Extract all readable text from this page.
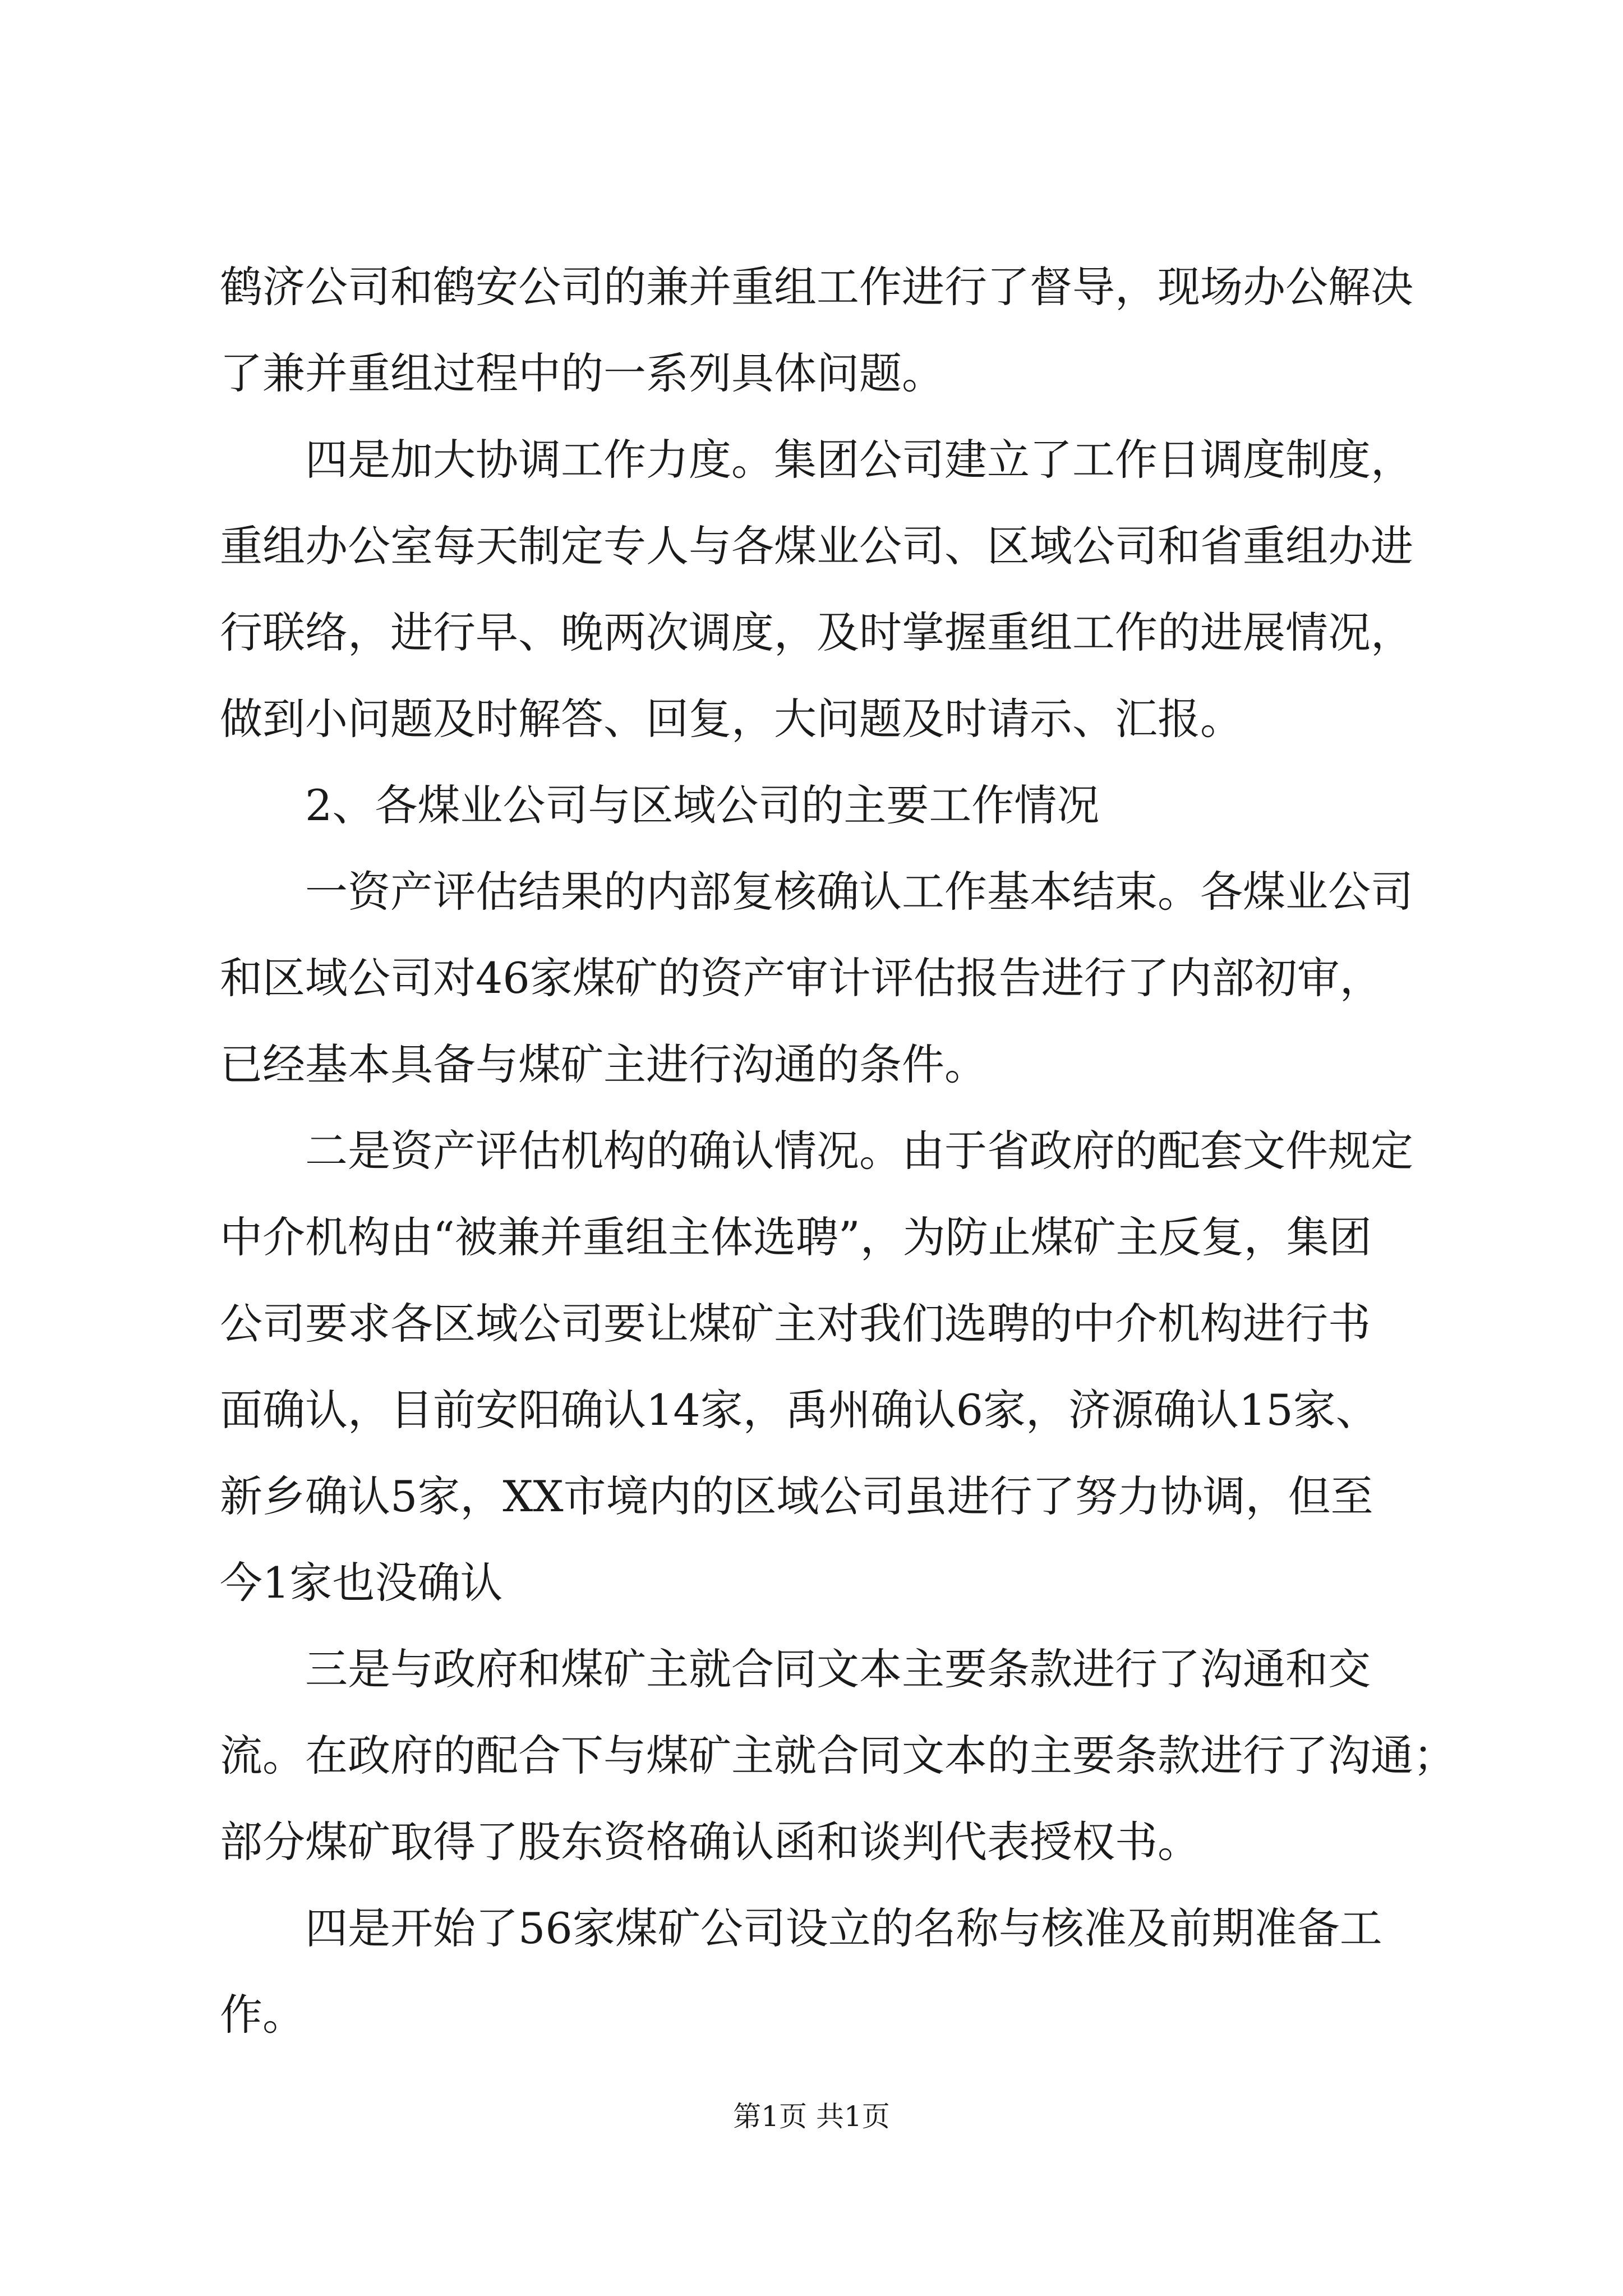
鹤济公司和鹤安公司的兼并重组工作进行了督导，现场办公解决
了兼并重组过程中的一系列具体问题。
四是加大协调工作力度。集团公司建立了工作日调度制度，
重组办公室每天制定专人与各煤业公司、区域公司和省重组办进
行联络，进行早、晚两次调度，及时掌握重组工作的进展情况，
做到小问题及时解答、回复，大问题及时请示、汇报。
2、各煤业公司与区域公司的主要工作情况
一资产评估结果的内部复核确认工作基本结束。各煤业公司
和区域公司对46家煤矿的资产审计评估报告进行了内部初审，
已经基本具备与煤矿主进行沟通的条件。
二是资产评估机构的确认情况。由于省政府的配套文件规定
中介机构由“被兼并重组主体选聘”，为防止煤矿主反复，集团
公司要求各区域公司要让煤矿主对我们选聘的中介机构进行书
面确认，目前安阳确认14家，禹州确认6家，济源确认15家、
新乡确认5家，XX市境内的区域公司虽进行了努力协调，但至
今1家也没确认
三是与政府和煤矿主就合同文本主要条款进行了沟通和交
流。在政府的配合下与煤矿主就合同文本的主要条款进行了沟通；
部分煤矿取得了股东资格确认函和谈判代表授权书。
四是开始了56家煤矿公司设立的名称与核准及前期准备工
作。
第1页 共1页
